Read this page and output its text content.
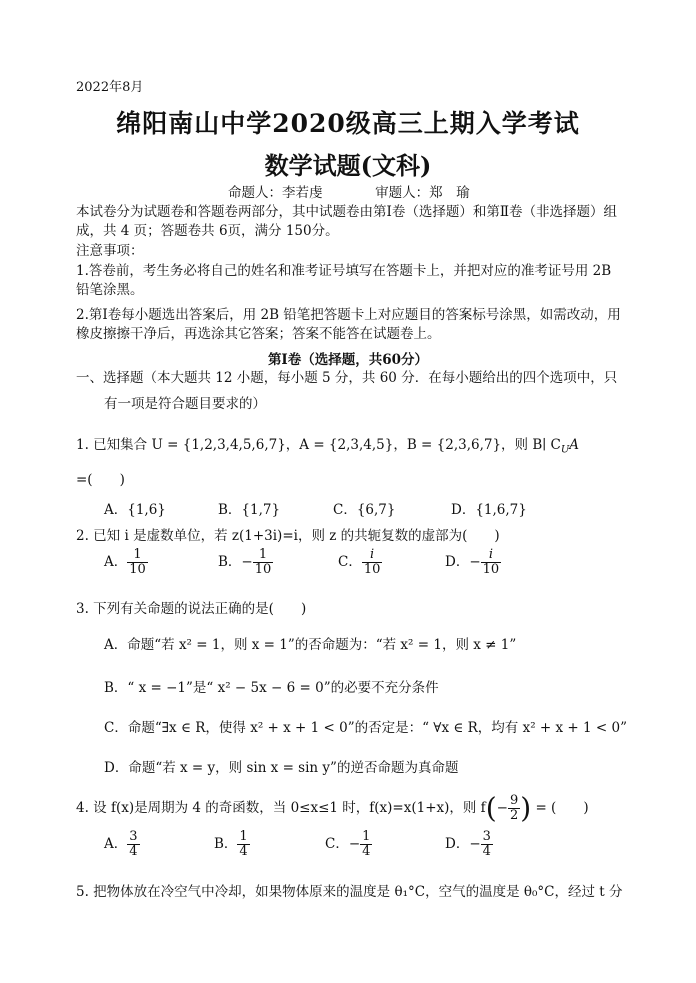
2022年8月
绵阳南山中学2020级高三上期入学考试
数学试题(文科)
命题人：李若虔	审题人：郑　瑜
本试卷分为试题卷和答题卷两部分，其中试题卷由第Ⅰ卷（选择题）和第Ⅱ卷（非选择题）组成，共 4 页；答题卷共 6页，满分 150分。
注意事项：
1.答卷前，考生务必将自己的姓名和准考证号填写在答题卡上，并把对应的准考证号用 2B 铅笔涂黑。
2.第Ⅰ卷每小题选出答案后，用 2B 铅笔把答题卡上对应题目的答案标号涂黑，如需改动，用橡皮擦擦干净后，再选涂其它答案；答案不能答在试题卷上。
第Ⅰ卷（选择题，共60分）
一、选择题（本大题共 12 小题，每小题 5 分，共 60 分．在每小题给出的四个选项中，只
有一项是符合题目要求的）
1. 已知集合 U = {1,2,3,4,5,6,7}，A = {2,3,4,5}，B = {2,3,6,7}，则 B∣ $C_UA$
=(　　)
A．{1,6}	B．{1,7}	C．{6,7}	D．{1,6,7}
2. 已知 i 是虚数单位，若 z(1+3i)=i，则 z 的共轭复数的虚部为(　　)
A． $\frac{1}{10}$	B．− $\frac{1}{10}$	C． $\frac{i}{10}$	D．− $\frac{i}{10}$
3. 下列有关命题的说法正确的是(　　)
A．命题“若 x² = 1，则 x = 1”的否命题为：“若 x² = 1，则 x ≠ 1”
B．“ x = −1”是“ x² − 5x − 6 = 0”的必要不充分条件
C．命题“∃x ∈ R，使得 x² + x + 1 < 0”的否定是：“ ∀x ∈ R，均有 x² + x + 1 < 0”
D．命题“若 x = y，则 sin x = sin y”的逆否命题为真命题
4. 设 f(x)是周期为 4 的奇函数，当 0≤x≤1 时，f(x)=x(1+x)，则 $f(- \frac{9}{2}$ ) = (　　)
A． $\frac{3}{4}$	B． $\frac{1}{4}$	C．− $\frac{1}{4}$	D．− $\frac{3}{4}$
5. 把物体放在冷空气中冷却，如果物体原来的温度是 θ₁°C，空气的温度是 θ₀°C，经过 t 分
